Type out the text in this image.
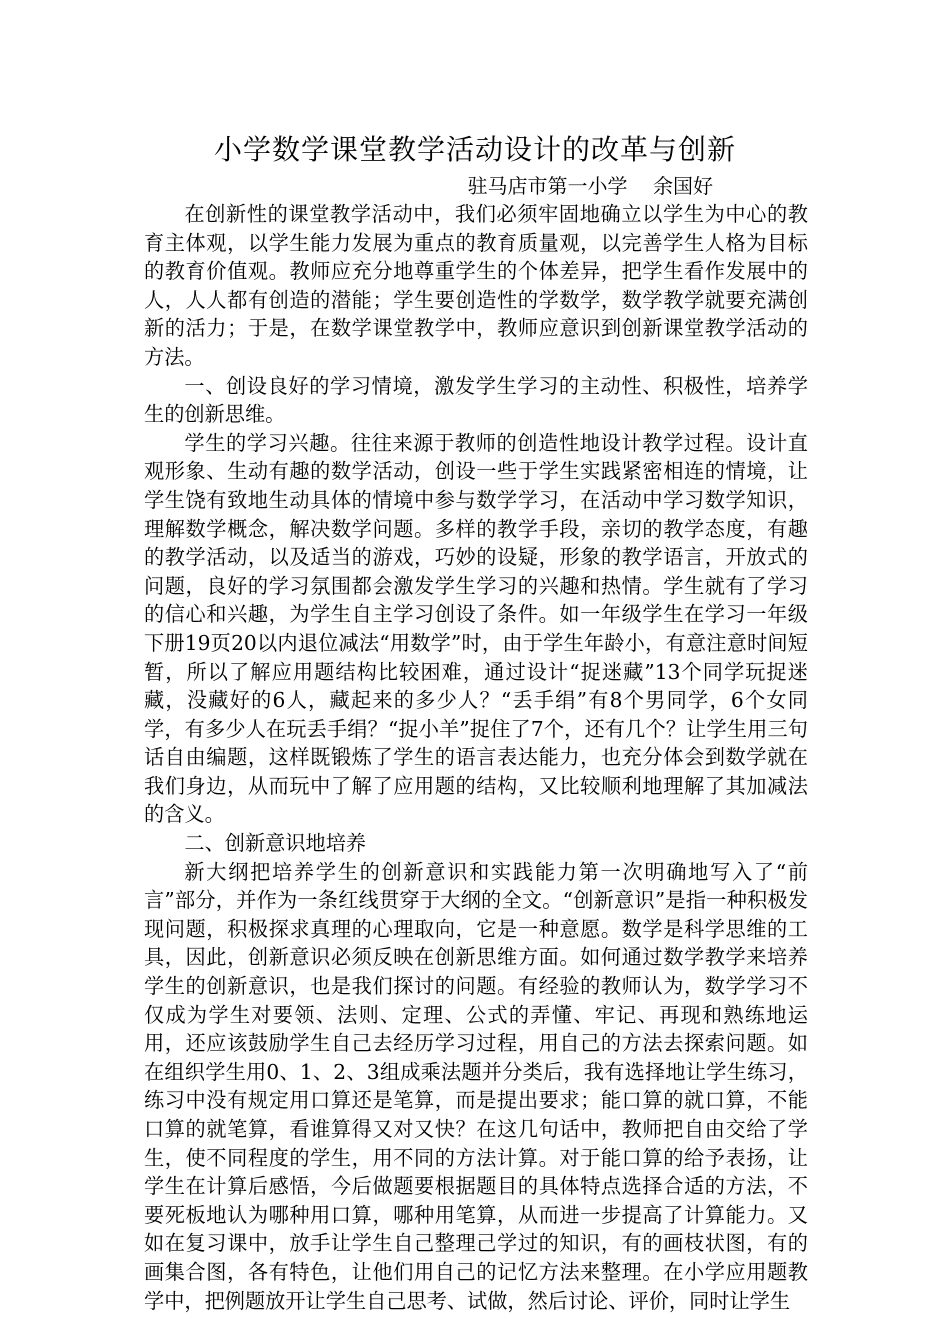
小学数学课堂教学活动设计的改革与创新
驻马店市第一小学    余国好

在创新性的课堂教学活动中，我们必须牢固地确立以学生为中心的教育主体观，以学生能力发展为重点的教育质量观，以完善学生人格为目标的教育价值观。教师应充分地尊重学生的个体差异，把学生看作发展中的人，人人都有创造的潜能；学生要创造性的学数学，数学教学就要充满创新的活力；于是，在数学课堂教学中，教师应意识到创新课堂教学活动的方法。

一、创设良好的学习情境，激发学生学习的主动性、积极性，培养学生的创新思维。

学生的学习兴趣。往往来源于教师的创造性地设计教学过程。设计直观形象、生动有趣的数学活动，创设一些于学生实践紧密相连的情境，让学生饶有致地生动具体的情境中参与数学学习，在活动中学习数学知识，理解数学概念，解决数学问题。多样的教学手段，亲切的教学态度，有趣的教学活动，以及适当的游戏，巧妙的设疑，形象的教学语言，开放式的问题，良好的学习氛围都会激发学生学习的兴趣和热情。学生就有了学习的信心和兴趣，为学生自主学习创设了条件。如一年级学生在学习一年级下册19页20以内退位减法“用数学”时，由于学生年龄小，有意注意时间短暂，所以了解应用题结构比较困难，通过设计“捉迷藏”13个同学玩捉迷藏，没藏好的6人，藏起来的多少人？“丢手绢”有8个男同学，6个女同学，有多少人在玩丢手绢？“捉小羊”捉住了7个，还有几个？让学生用三句话自由编题，这样既锻炼了学生的语言表达能力，也充分体会到数学就在我们身边，从而玩中了解了应用题的结构，又比较顺利地理解了其加减法的含义。

二、创新意识地培养

新大纲把培养学生的创新意识和实践能力第一次明确地写入了“前言”部分，并作为一条红线贯穿于大纲的全文。“创新意识”是指一种积极发现问题，积极探求真理的心理取向，它是一种意愿。数学是科学思维的工具，因此，创新意识必须反映在创新思维方面。如何通过数学教学来培养学生的创新意识，也是我们探讨的问题。有经验的教师认为，数学学习不仅成为学生对要领、法则、定理、公式的弄懂、牢记、再现和熟练地运用，还应该鼓励学生自己去经历学习过程，用自己的方法去探索问题。如在组织学生用0、1、2、3组成乘法题并分类后，我有选择地让学生练习，练习中没有规定用口算还是笔算，而是提出要求；能口算的就口算，不能口算的就笔算，看谁算得又对又快？在这几句话中，教师把自由交给了学生，使不同程度的学生，用不同的方法计算。对于能口算的给予表扬，让学生在计算后感悟，今后做题要根据题目的具体特点选择合适的方法，不要死板地认为哪种用口算，哪种用笔算，从而进一步提高了计算能力。又如在复习课中，放手让学生自己整理己学过的知识，有的画枝状图，有的画集合图，各有特色，让他们用自己的记忆方法来整理。在小学应用题教学中，把例题放开让学生自己思考、试做，然后讨论、评价，同时让学生
